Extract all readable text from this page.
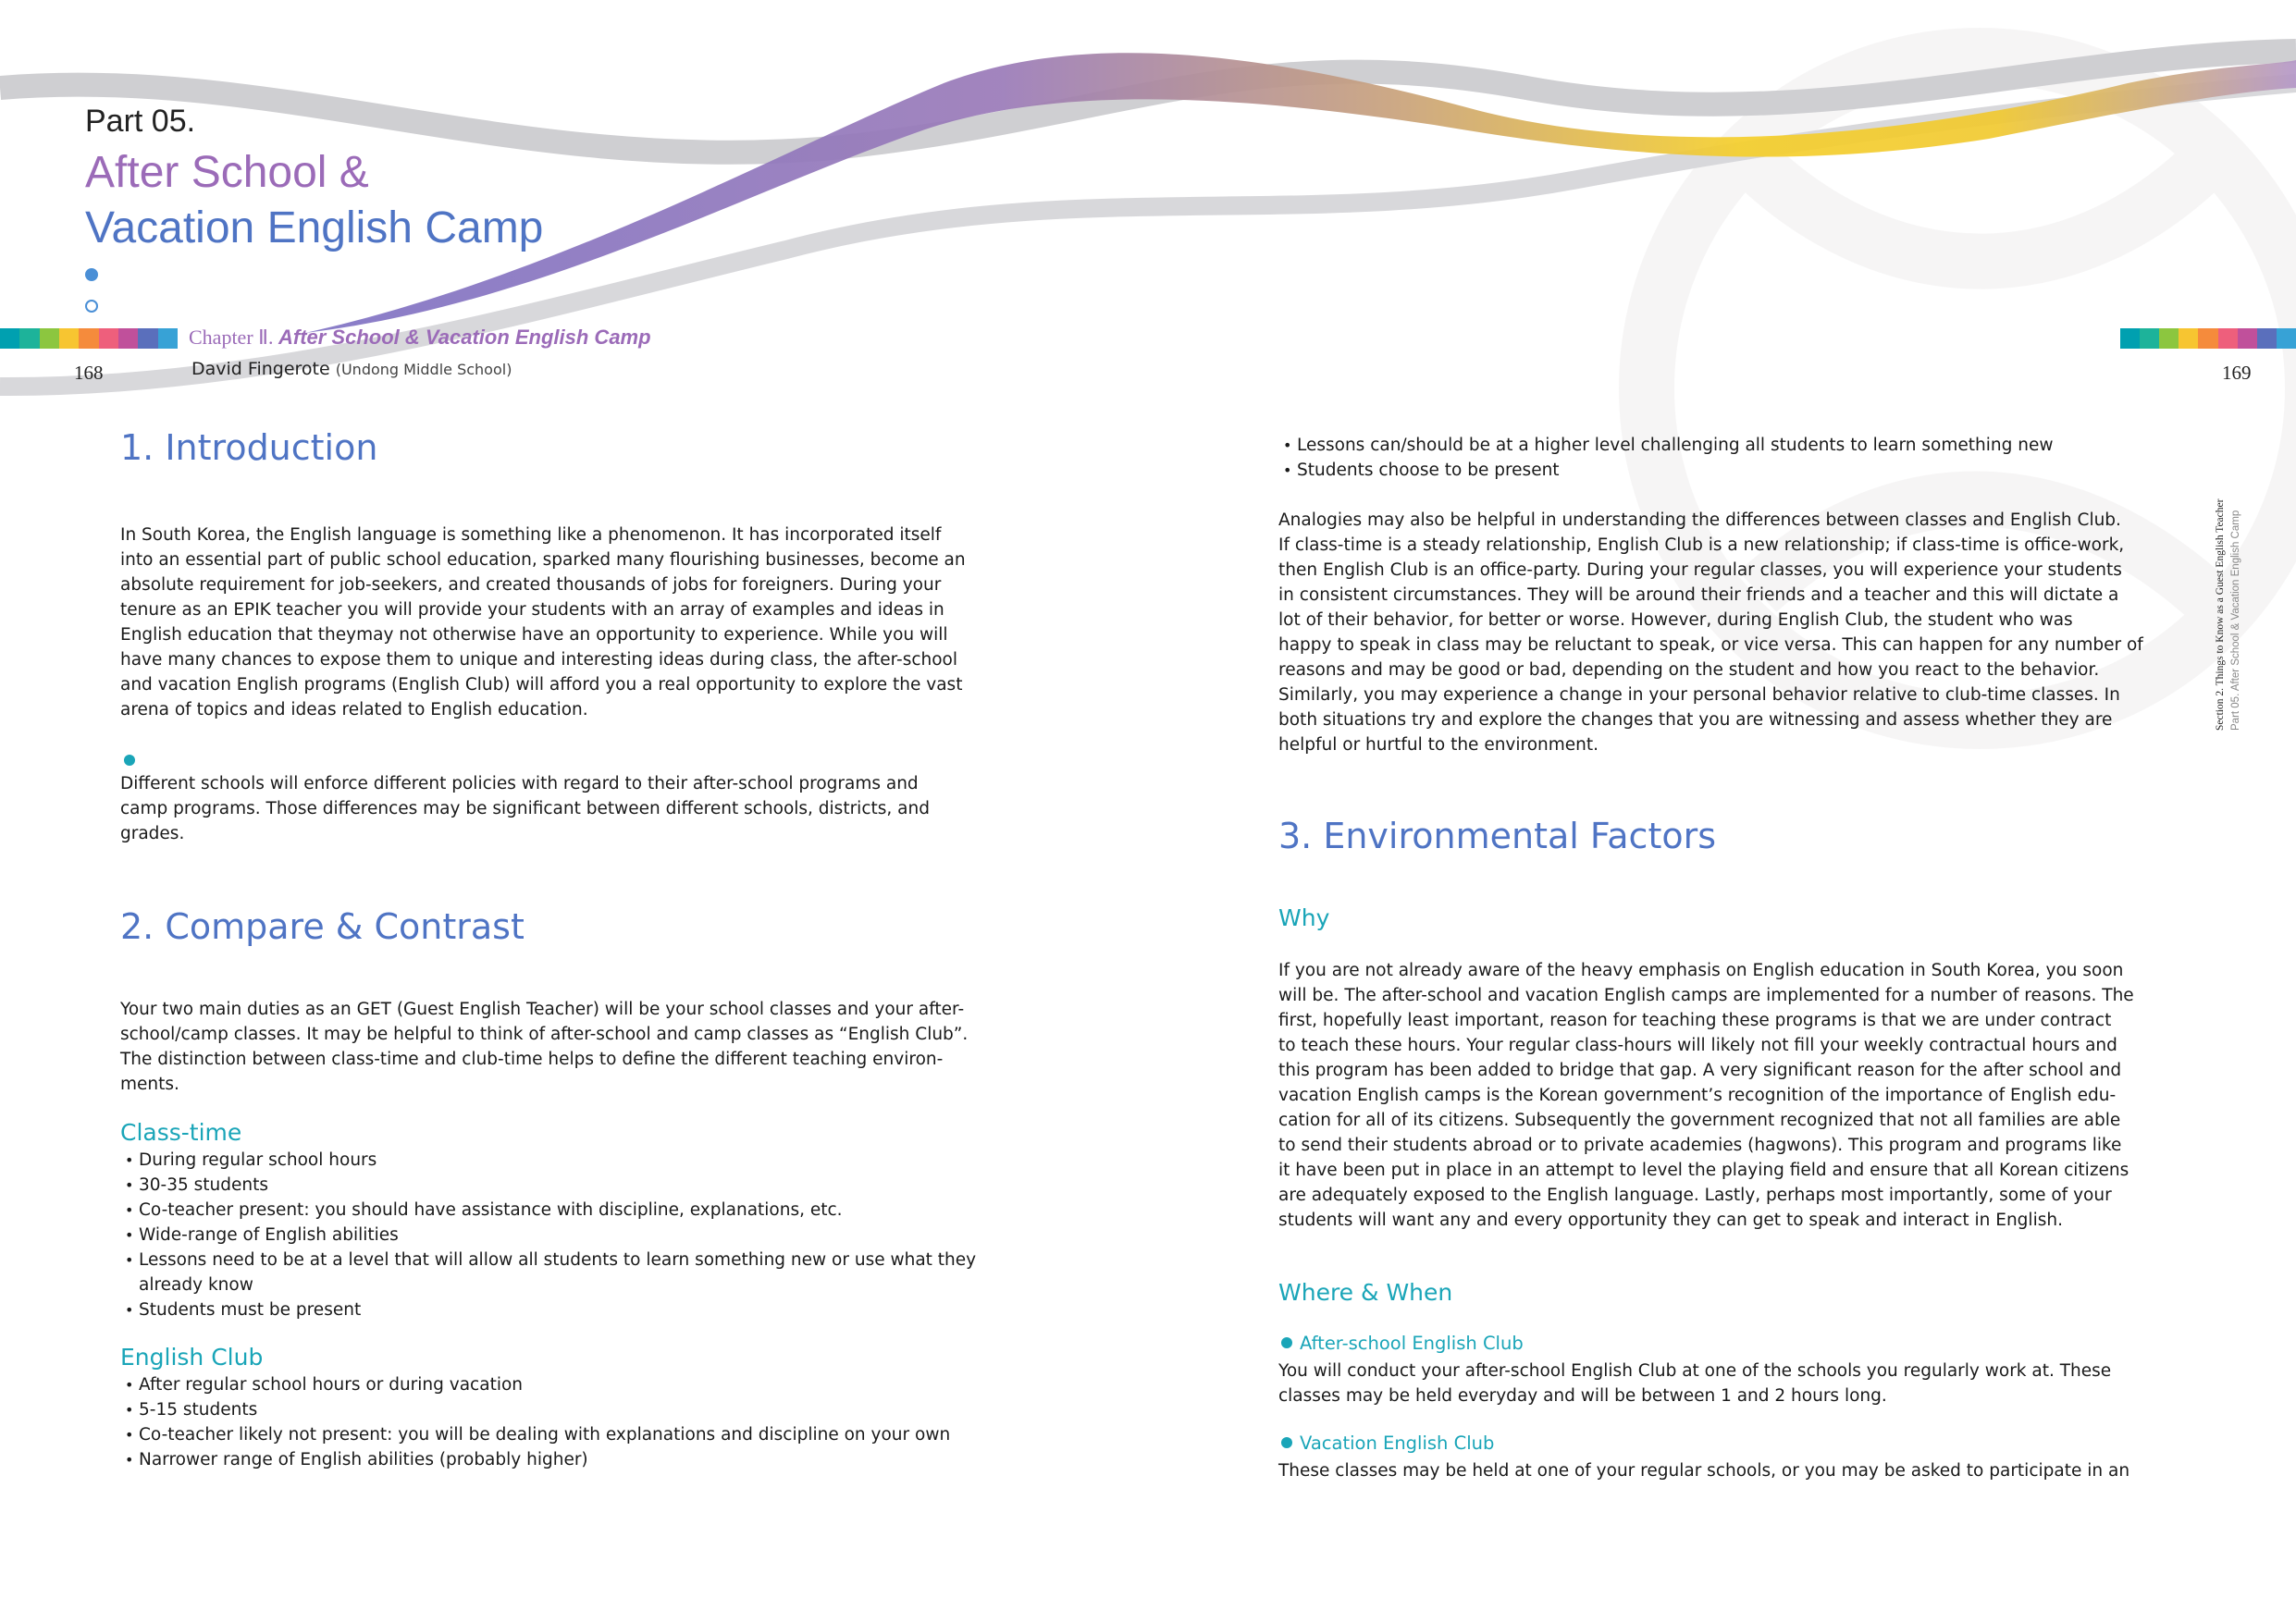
Part 05.
After School &
Vacation English Camp
Chapter Ⅱ. After School & Vacation English Camp
David Fingerote (Undong Middle School)
168	169
Section 2. Things to Know as a Guest English Teacher Part 05. After School & Vacation English Camp
1. Introduction

In South Korea, the English language is something like a phenomenon. It has incorporated itself

into an essential part of public school education, sparked many flourishing businesses, become an

absolute requirement for job-seekers, and created thousands of jobs for foreigners. During your

tenure as an EPIK teacher you will provide your students with an array of examples and ideas in

English education that theymay not otherwise have an opportunity to experience. While you will

have many chances to expose them to unique and interesting ideas during class, the after-school

and vacation English programs (English Club) will afford you a real opportunity to explore the vast

arena of topics and ideas related to English education.

Different schools will enforce different policies with regard to their after-school programs and

camp programs. Those differences may be significant between different schools, districts, and

grades.

2. Compare & Contrast

Your two main duties as an GET (Guest English Teacher) will be your school classes and your after-

school/camp classes. It may be helpful to think of after-school and camp classes as “English Club”.

The distinction between class-time and club-time helps to define the different teaching environ-

ments.

Class-time
• During regular school hours
• 30-35 students
• Co-teacher present: you should have assistance with discipline, explanations, etc.
• Wide-range of English abilities
• Lessons need to be at a level that will allow all students to learn something new or use what they
already know
• Students must be present
English Club
• After regular school hours or during vacation
• 5-15 students
• Co-teacher likely not present: you will be dealing with explanations and discipline on your own
• Narrower range of English abilities (probably higher)
• Lessons can/should be at a higher level challenging all students to learn something new
• Students choose to be present

Analogies may also be helpful in understanding the differences between classes and English Club.

If class-time is a steady relationship, English Club is a new relationship; if class-time is office-work,

then English Club is an office-party. During your regular classes, you will experience your students

in consistent circumstances. They will be around their friends and a teacher and this will dictate a

lot of their behavior, for better or worse. However, during English Club, the student who was

happy to speak in class may be reluctant to speak, or vice versa. This can happen for any number of

reasons and may be good or bad, depending on the student and how you react to the behavior.

Similarly, you may experience a change in your personal behavior relative to club-time classes. In

both situations try and explore the changes that you are witnessing and assess whether they are

helpful or hurtful to the environment.

3. Environmental Factors
Why

If you are not already aware of the heavy emphasis on English education in South Korea, you soon

will be. The after-school and vacation English camps are implemented for a number of reasons. The

first, hopefully least important, reason for teaching these programs is that we are under contract

to teach these hours. Your regular class-hours will likely not fill your weekly contractual hours and

this program has been added to bridge that gap. A very significant reason for the after school and

vacation English camps is the Korean government’s recognition of the importance of English edu-

cation for all of its citizens. Subsequently the government recognized that not all families are able

to send their students abroad or to private academies (hagwons). This program and programs like

it have been put in place in an attempt to level the playing field and ensure that all Korean citizens

are adequately exposed to the English language. Lastly, perhaps most importantly, some of your

students will want any and every opportunity they can get to speak and interact in English.

Where & When
After-school English Club

You will conduct your after-school English Club at one of the schools you regularly work at. These

classes may be held everyday and will be between 1 and 2 hours long.

Vacation English Club

These classes may be held at one of your regular schools, or you may be asked to participate in an
